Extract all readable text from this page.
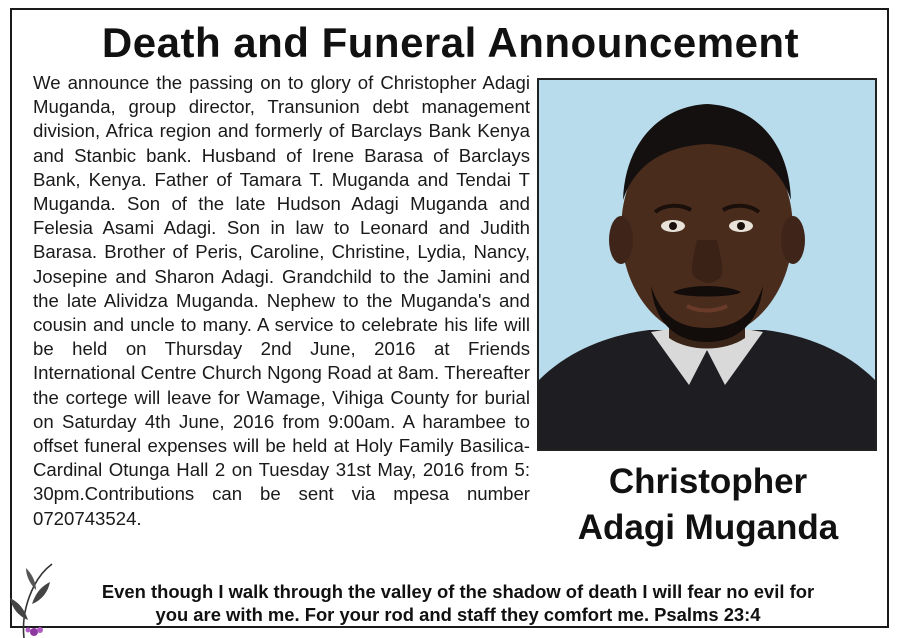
Death and Funeral Announcement
We announce the passing on to glory of Christopher Adagi Muganda, group director, Transunion debt management division, Africa region and formerly of Barclays Bank Kenya and Stanbic bank. Husband of Irene Barasa of Barclays Bank, Kenya. Father of Tamara T. Muganda and Tendai T Muganda. Son of the late Hudson Adagi Muganda and Felesia Asami Adagi. Son in law to Leonard and Judith Barasa. Brother of Peris, Caroline, Christine, Lydia, Nancy, Josepine and Sharon Adagi. Grandchild to the Jamini and the late Alividza Muganda. Nephew to the Muganda's and cousin and uncle to many. A service to celebrate his life will be held on Thursday 2nd June, 2016 at Friends International Centre Church Ngong Road at 8am. Thereafter the cortege will leave for Wamage, Vihiga County for burial on Saturday 4th June, 2016 from 9:00am. A harambee to offset funeral expenses will be held at Holy Family Basilica-Cardinal Otunga Hall 2 on Tuesday 31st May, 2016 from 5: 30pm.Contributions can be sent via mpesa number 0720743524.
Christopher
Adagi Muganda
Even though I walk through the valley of the shadow of death I will fear no evil for
you are with me. For your rod and staff they comfort me. Psalms 23:4
